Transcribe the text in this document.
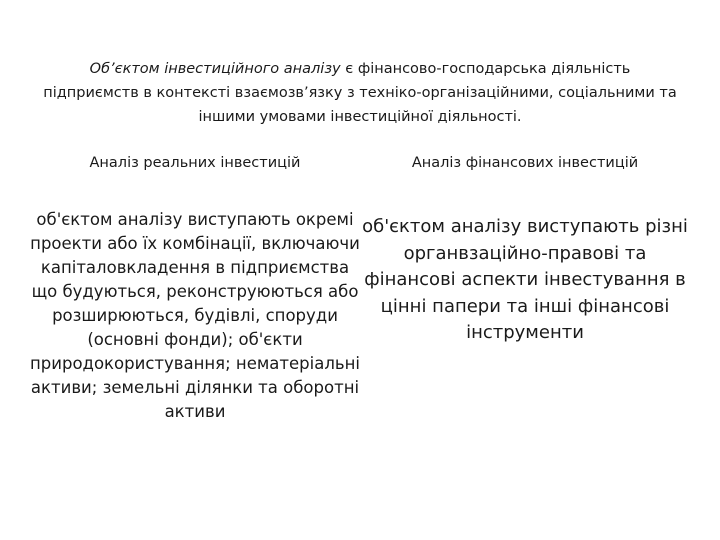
Об’єктом інвестиційного аналізу є фінансово-господарська діяльність підприємств в контексті взаємозв’язку з техніко-організаційними, соціальними та іншими умовами інвестиційної діяльності.

Аналіз реальних інвестицій	Аналіз фінансових інвестицій
об'єктом аналізу виступають окремі проекти або їх комбінації, включаючи капіталовкладення в підприємства що будуються, реконструюються або розширюються, будівлі, споруди (основні фонди); об'єкти природокористування; нематеріальні активи; земельні ділянки та оборотні активи
об'єктом аналізу виступають різні органвзаційно-правові та фінансові аспекти інвестування в цінні папери та інші фінансові інструменти
